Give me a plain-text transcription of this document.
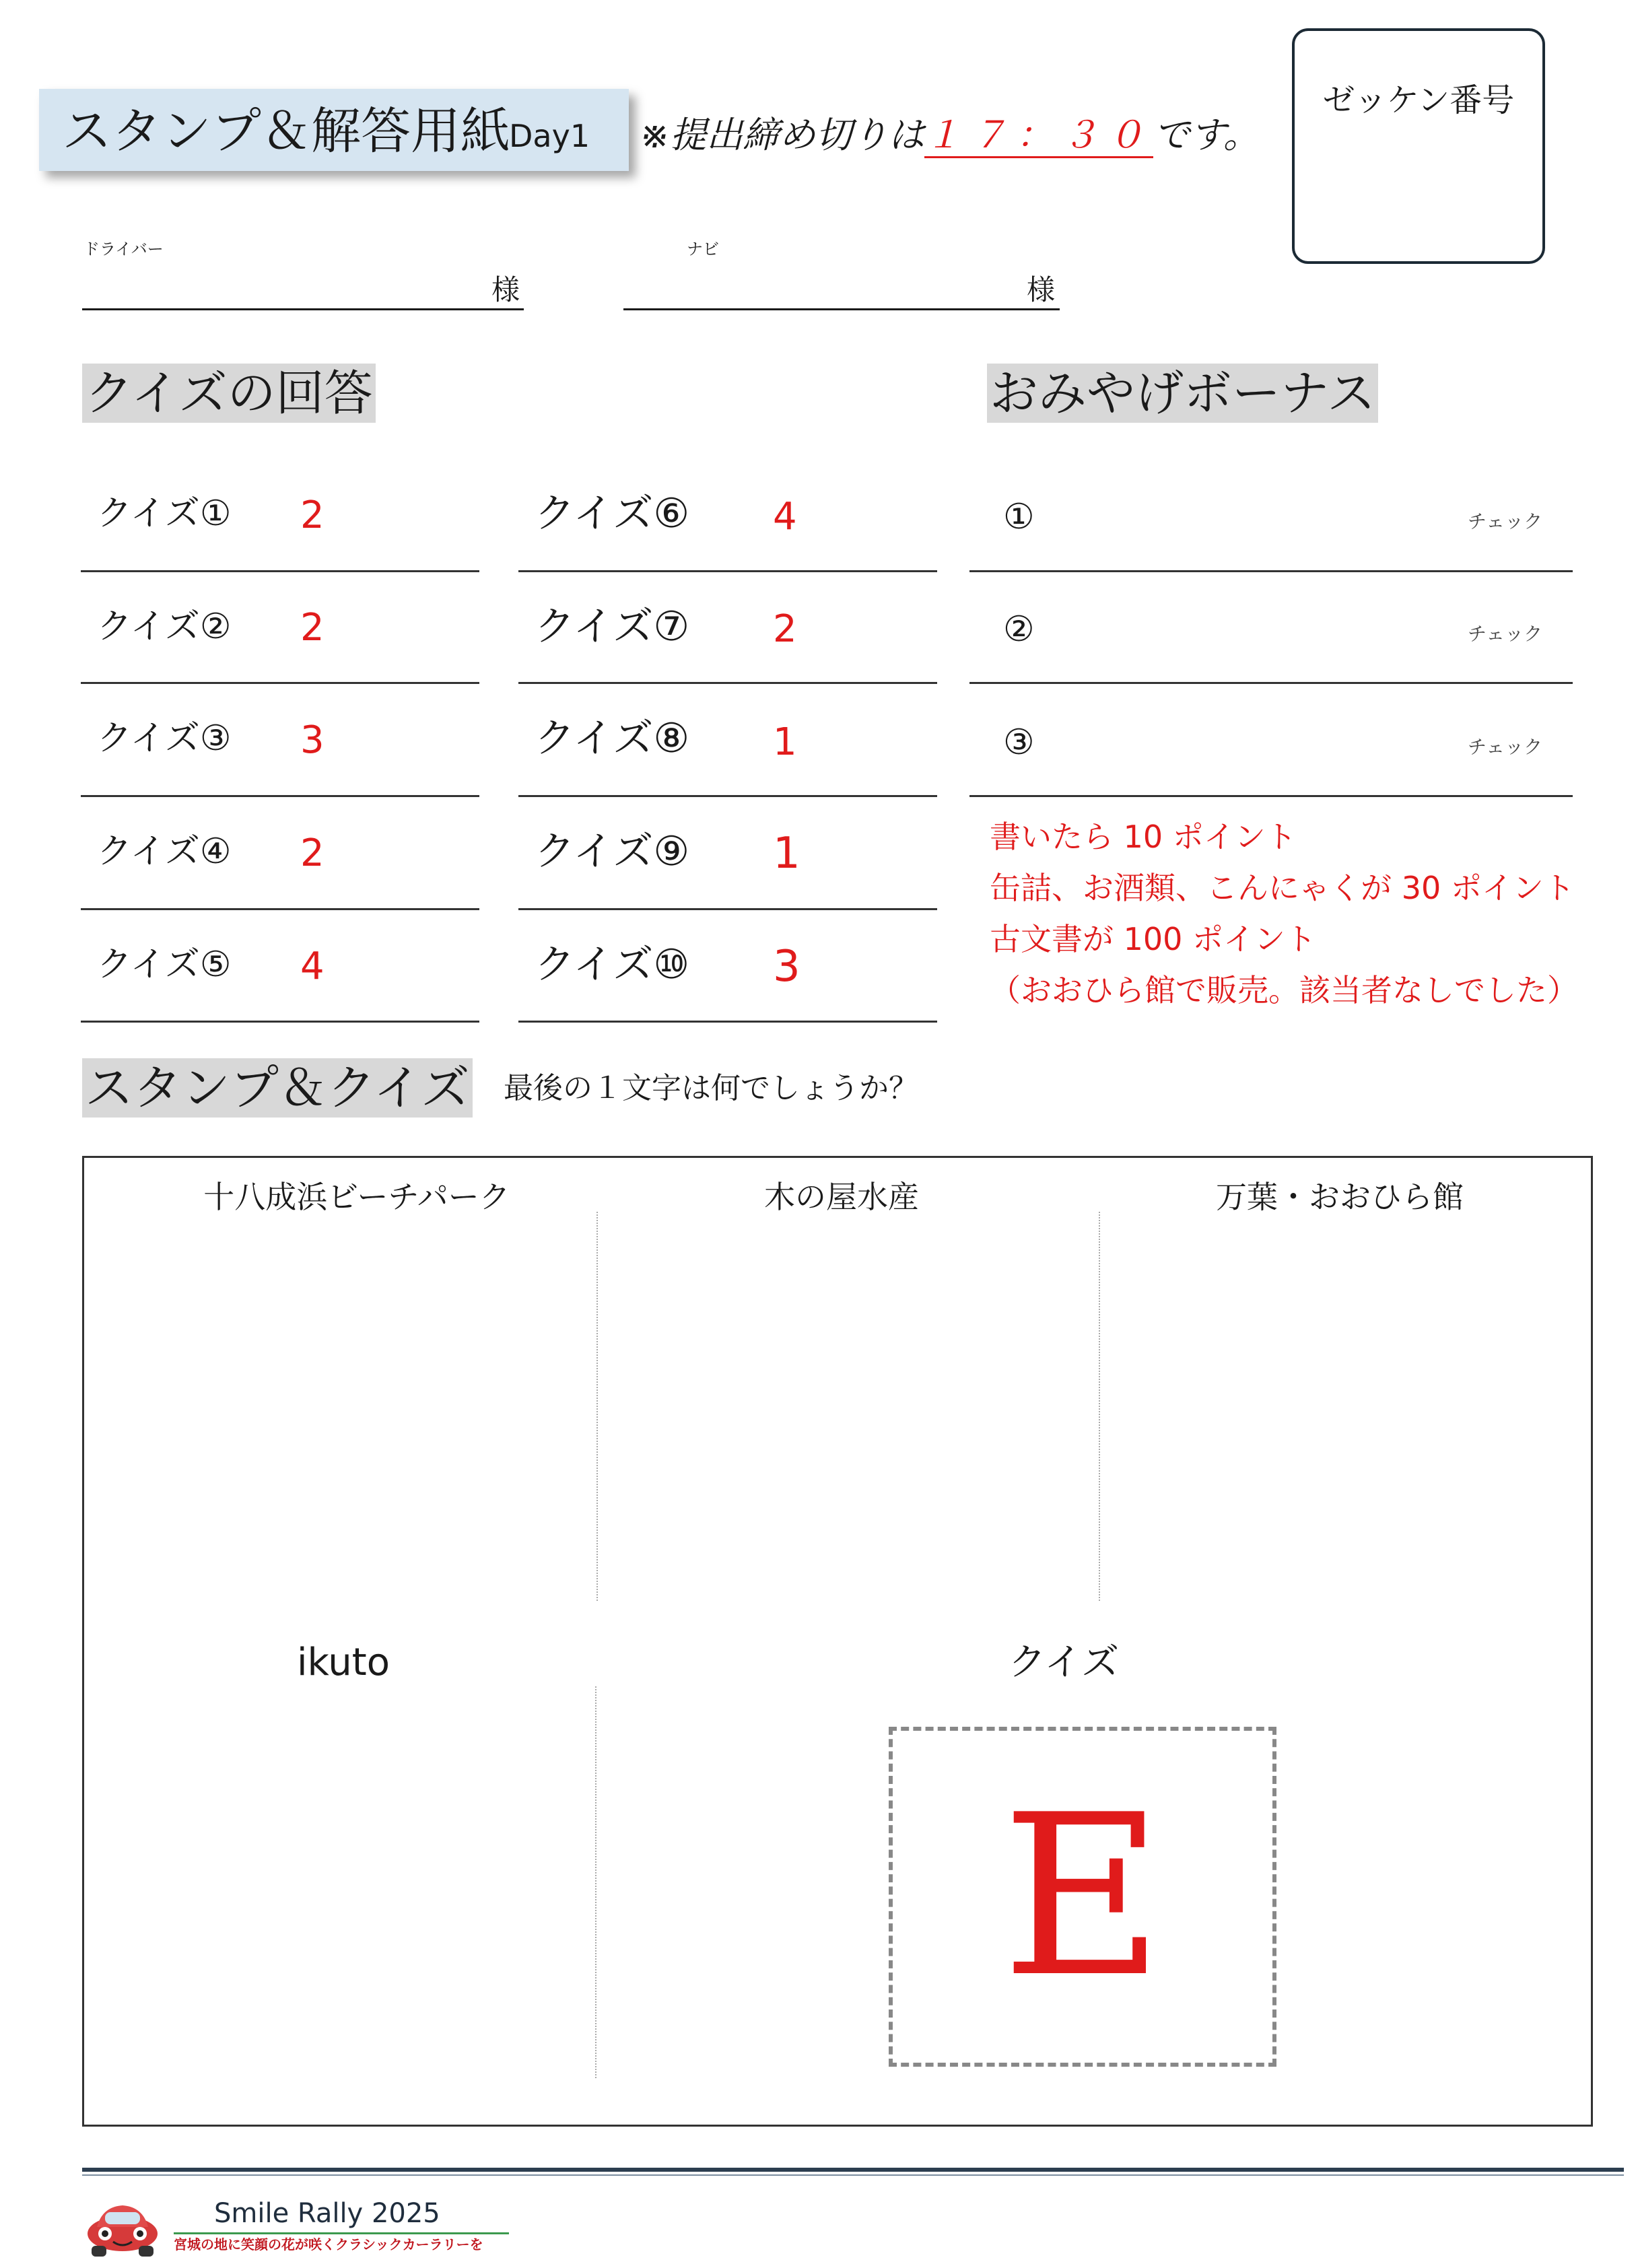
スタンプ＆解答用紙
Day1 ※提出締め切りは１７：３０です。
ゼッケン番号
ドライバー
様
ナビ
様
クイズの回答	おみやげボーナス
クイズ① 2
クイズ② 2
クイズ③ 3
クイズ④ 2
クイズ⑤ 4
クイズ⑥ 4
クイズ⑦ 2
クイズ⑧ 1
クイズ⑨ 1
クイズ⑩ 3
①	チェック
②	チェック
③	チェック
書いたら 10 ポイント
缶詰、お酒類、こんにゃくが 30 ポイント
古文書が 100 ポイント
（おおひら館で販売。該当者なしでした）
スタンプ＆クイズ 最後の１文字は何でしょうか？
十八成浜ビーチパーク	木の屋水産	万葉・おおひら館
ikuto	クイズ
E
Smile Rally 2025
宮城の地に笑顔の花が咲くクラシックカーラリーを
